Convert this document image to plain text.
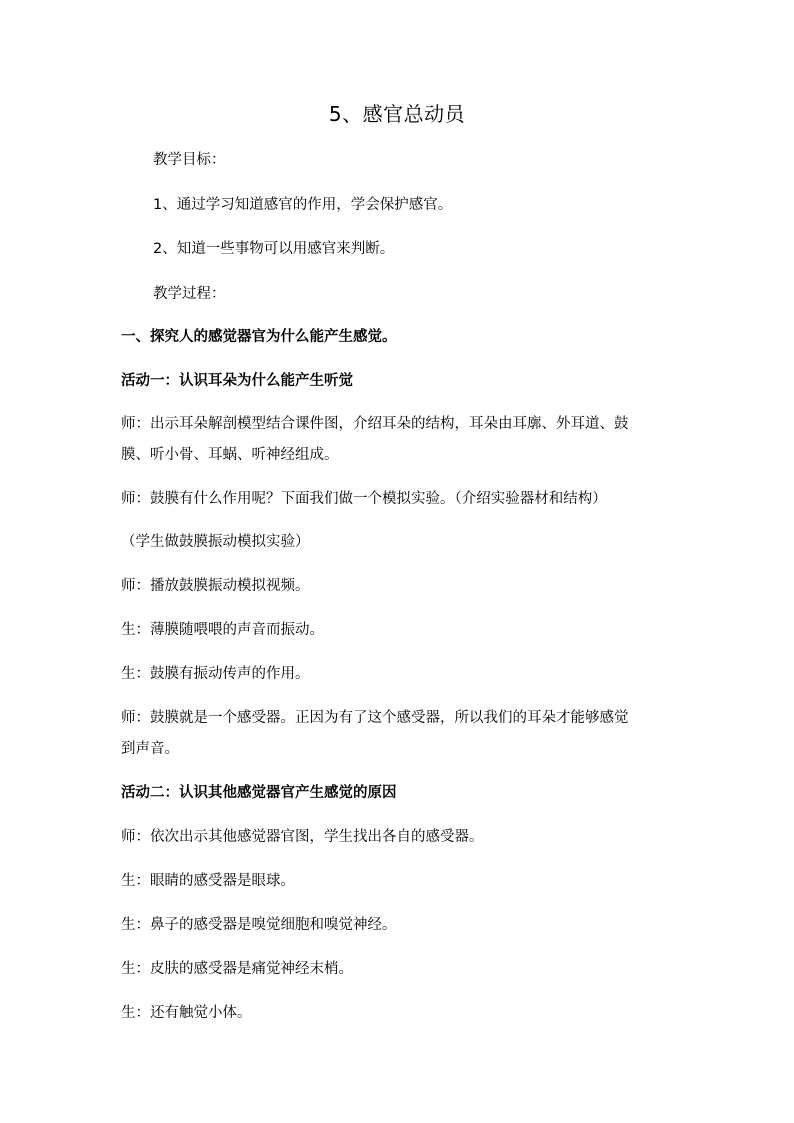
5、感官总动员
教学目标：
1、通过学习知道感官的作用，学会保护感官。
2、知道一些事物可以用感官来判断。
教学过程：
一、探究人的感觉器官为什么能产生感觉。
活动一：认识耳朵为什么能产生听觉
师：出示耳朵解剖模型结合课件图，介绍耳朵的结构，耳朵由耳廓、外耳道、鼓
膜、听小骨、耳蜗、听神经组成。
师：鼓膜有什么作用呢？下面我们做一个模拟实验。（介绍实验器材和结构）
（学生做鼓膜振动模拟实验）
师：播放鼓膜振动模拟视频。
生：薄膜随喂喂的声音而振动。
生：鼓膜有振动传声的作用。
师：鼓膜就是一个感受器。正因为有了这个感受器，所以我们的耳朵才能够感觉
到声音。
活动二：认识其他感觉器官产生感觉的原因
师：依次出示其他感觉器官图，学生找出各自的感受器。
生：眼睛的感受器是眼球。
生：鼻子的感受器是嗅觉细胞和嗅觉神经。
生：皮肤的感受器是痛觉神经末梢。
生：还有触觉小体。
